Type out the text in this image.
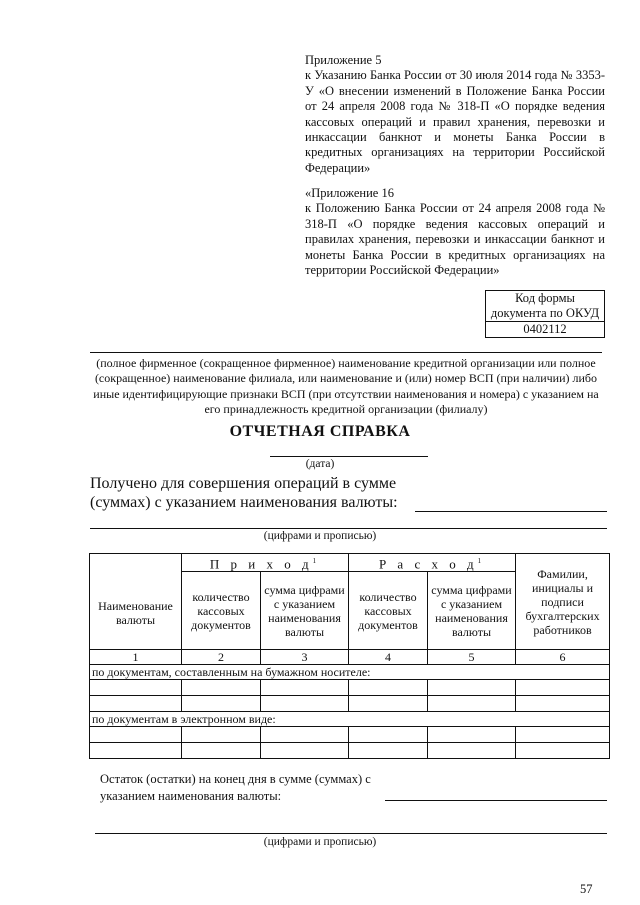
Приложение 5
к Указанию Банка России от 30 июля 2014 года № 3353-У «О внесении изменений в Положение Банка России от 24 апреля 2008 года № 318-П «О порядке ведения кассовых операций и правил хранения, перевозки и инкассации банкнот и монеты Банка России в кредитных организациях на территории Российской Федерации»
«Приложение 16
к Положению Банка России от 24 апреля 2008 года № 318-П «О порядке ведения кассовых операций и правилах хранения, перевозки и инкассации банкнот и монеты Банка России в кредитных организациях на территории Российской Федерации»
Код формы
документа по ОКУД
0402112
(полное фирменное (сокращенное фирменное) наименование кредитной организации или полное (сокращенное) наименование филиала, или наименование и (или) номер ВСП (при наличии) либо иные идентифицирующие признаки ВСП (при отсутствии наименования и номера) с указанием на его принадлежность кредитной организации (филиалу)
ОТЧЕТНАЯ СПРАВКА
(дата)
Получено для совершения операций в сумме (суммах) с указанием наименования валюты:
(цифрами и прописью)
Наименование валюты	П р и х о $д^1$		Р а с х о $д^1$		Фамилии, инициалы и подписи бухгалтерских работников
	количество кассовых документов	сумма цифрами с указанием наименования валюты	количество кассовых документов	сумма цифрами с указанием наименования валюты	
1	2	3	4	5	6
по документам, составленным на бумажном носителе:					

по документам в электронном виде:					

Остаток (остатки) на конец дня в сумме (суммах) с указанием наименования валюты:
(цифрами и прописью)
57
